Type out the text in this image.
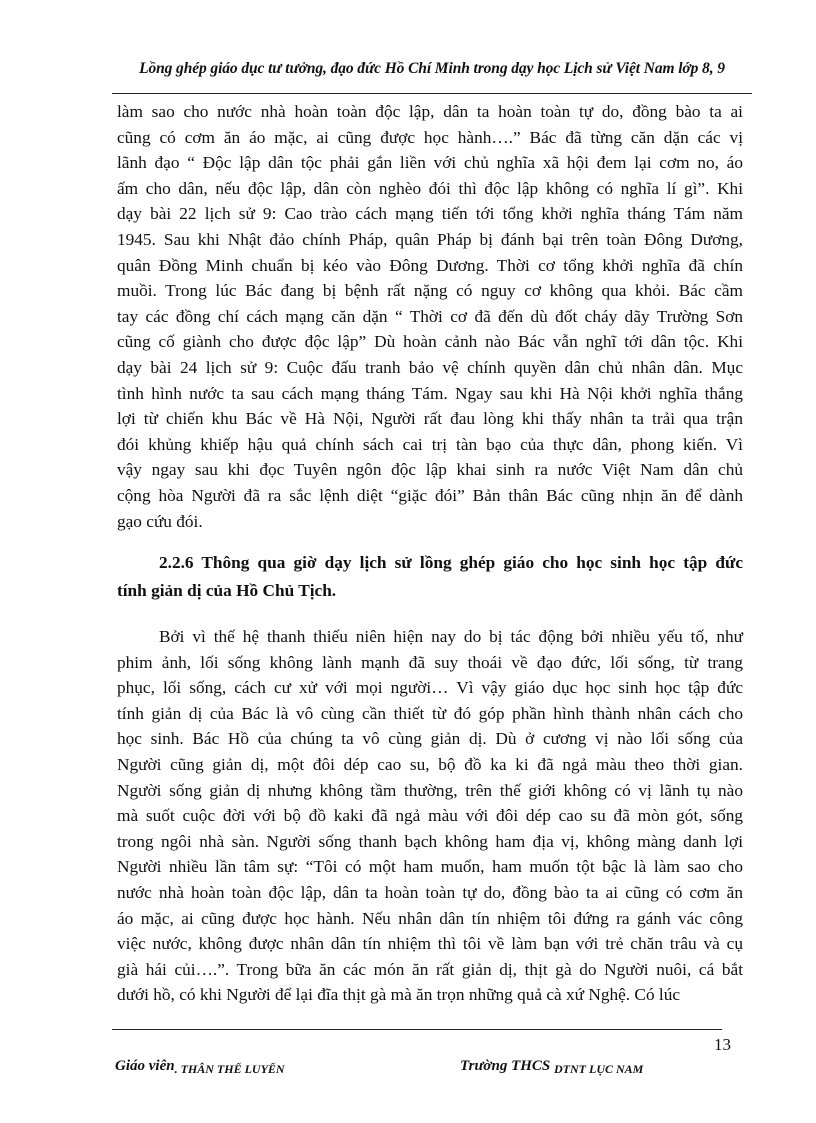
Lồng ghép giáo dục tư tưởng, đạo đức Hồ Chí Minh trong dạy học Lịch sử Việt Nam lớp 8, 9
làm sao cho nước nhà hoàn toàn độc lập, dân ta hoàn toàn tự do, đồng bào ta ai
cũng có cơm ăn áo mặc, ai cũng được học hành….” Bác đã từng căn dặn các vị
lãnh đạo “ Độc lập dân tộc phải gắn liền với chủ nghĩa xã hội đem lại cơm no, áo
ấm cho dân, nếu độc lập, dân còn nghèo đói thì độc lập không có nghĩa lí gì”. Khi
dạy bài 22 lịch sử 9: Cao trào cách mạng tiến tới tổng khởi nghĩa tháng Tám năm
1945. Sau khi Nhật đảo chính Pháp, quân Pháp bị đánh bại trên toàn Đông Dương,
quân Đồng Minh chuẩn bị kéo vào Đông Dương. Thời cơ tổng khởi nghĩa đã chín
muồi. Trong lúc Bác đang bị bệnh rất nặng có nguy cơ không qua khỏi. Bác cầm
tay các đồng chí cách mạng căn dặn “ Thời cơ đã đến dù đốt cháy dãy Trường Sơn
cũng cố giành cho được độc lập” Dù hoàn cảnh nào Bác vẫn nghĩ tới dân tộc. Khi
dạy bài 24 lịch sử 9: Cuộc đấu tranh bảo vệ chính quyền dân chủ nhân dân. Mục
tình hình nước ta sau cách mạng tháng Tám. Ngay sau khi Hà Nội khởi nghĩa thắng
lợi từ chiến khu Bác về Hà Nội, Người rất đau lòng khi thấy nhân ta trải qua trận
đói khủng khiếp hậu quả chính sách cai trị tàn bạo của thực dân, phong kiến. Vì
vậy ngay sau khi đọc Tuyên ngôn độc lập khai sinh ra nước Việt Nam dân chủ
cộng hòa Người đã ra sắc lệnh diệt “giặc đói” Bản thân Bác cũng nhịn ăn để dành
gạo cứu đói.
2.2.6 Thông qua giờ dạy lịch sử lồng ghép giáo cho học sinh học tập đức
tính giản dị của Hồ Chủ Tịch.
Bởi vì thế hệ thanh thiếu niên hiện nay do bị tác động bởi nhiều yếu tố, như
phim ảnh, lối sống không lành mạnh đã suy thoái về đạo đức, lối sống, từ trang
phục, lối sống, cách cư xử với mọi người… Vì vậy giáo dục học sinh học tập đức
tính giản dị của Bác là vô cùng cần thiết từ đó góp phần hình thành nhân cách cho
học sinh. Bác Hồ của chúng ta vô cùng giản dị. Dù ở cương vị nào lối sống của
Người cũng giản dị, một đôi dép cao su, bộ đồ ka ki đã ngả màu theo thời gian.
Người sống giản dị nhưng không tầm thường, trên thế giới không có vị lãnh tụ nào
mà suốt cuộc đời với bộ đồ kaki đã ngả màu với đôi dép cao su đã mòn gót, sống
trong ngôi nhà sàn. Người sống thanh bạch không ham địa vị, không màng danh lợi
Người nhiều lần tâm sự: “Tôi có một ham muốn, ham muốn tột bậc là làm sao cho
nước nhà hoàn toàn độc lập, dân ta hoàn toàn tự do, đồng bào ta ai cũng có cơm ăn
áo mặc, ai cũng được học hành. Nếu nhân dân tín nhiệm tôi đứng ra gánh vác công
việc nước, không được nhân dân tín nhiệm thì tôi về làm bạn với trẻ chăn trâu và cụ
già hái củi….”. Trong bữa ăn các món ăn rất giản dị, thịt gà do Người nuôi, cá bắt
dưới hồ, có khi Người để lại đĩa thịt gà mà ăn trọn những quả cà xứ Nghệ. Có lúc
13
Giáo viên$_{. THÂN THẾ LUYẾN}$	Trường THCS $_{DTNT LỤC NAM}$
